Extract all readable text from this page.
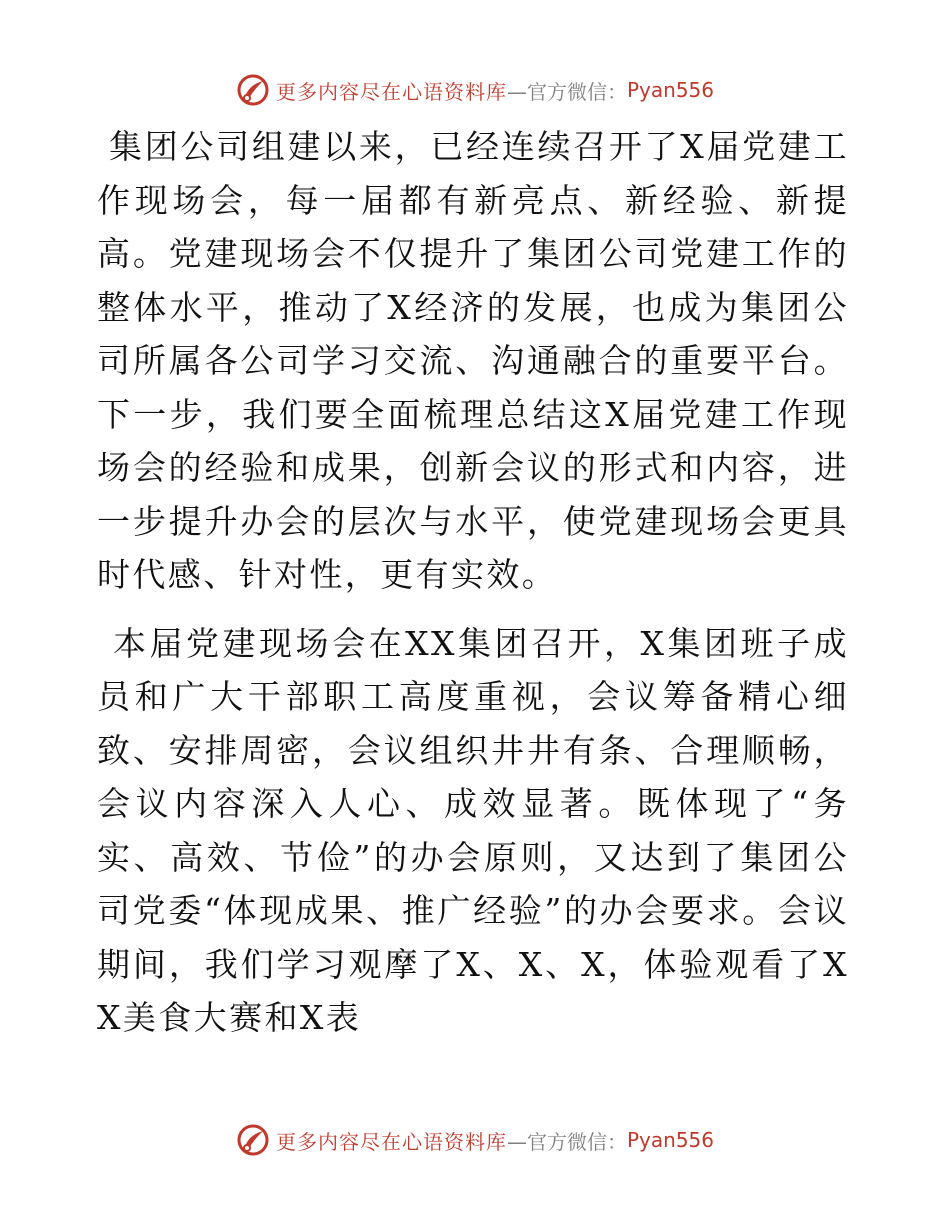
更多内容尽在心语资料库 —官方微信： Pyan556

集团公司组建以来，已经连续召开了X届党建工作现场会，每一届都有新亮点、新经验、新提高。党建现场会不仅提升了集团公司党建工作的整体水平，推动了X经济的发展，也成为集团公司所属各公司学习交流、沟通融合的重要平台。下一步，我们要全面梳理总结这X届党建工作现场会的经验和成果，创新会议的形式和内容，进一步提升办会的层次与水平，使党建现场会更具时代感、针对性，更有实效。

本届党建现场会在XX集团召开，X集团班子成员和广大干部职工高度重视，会议筹备精心细致、安排周密，会议组织井井有条、合理顺畅，会议内容深入人心、成效显著。既体现了“务实、高效、节俭”的办会原则，又达到了集团公司党委“体现成果、推广经验”的办会要求。会议期间，我们学习观摩了X、X、X，体验观看了XX美食大赛和X表

更多内容尽在心语资料库 —官方微信： Pyan556
